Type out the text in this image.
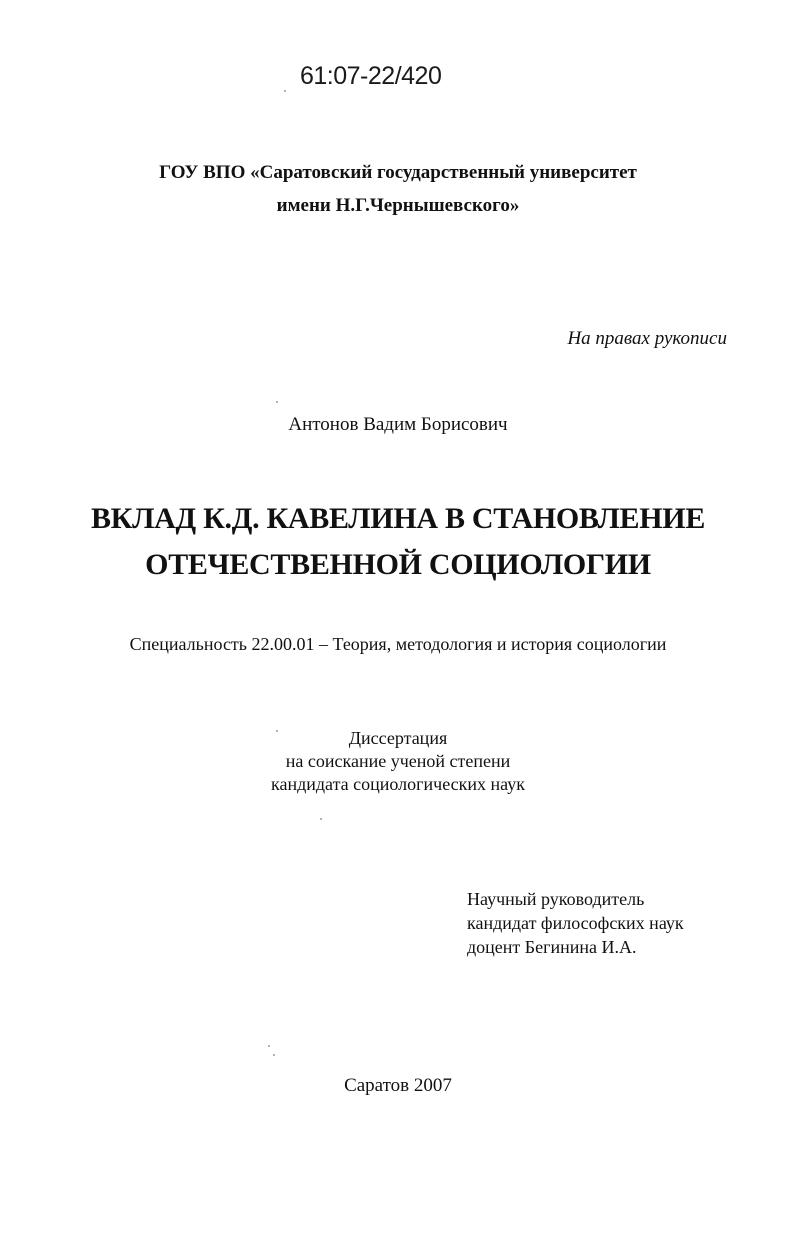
61:07-22/420
ГОУ ВПО «Саратовский государственный университет
имени Н.Г.Чернышевского»
На правах рукописи
Антонов Вадим Борисович
ВКЛАД К.Д. КАВЕЛИНА В СТАНОВЛЕНИЕ
ОТЕЧЕСТВЕННОЙ СОЦИОЛОГИИ
Специальность 22.00.01 – Теория, методология и история социологии
Диссертация
на соискание ученой степени
кандидата социологических наук
Научный руководитель
кандидат философских наук
доцент Бегинина И.А.
Саратов 2007
